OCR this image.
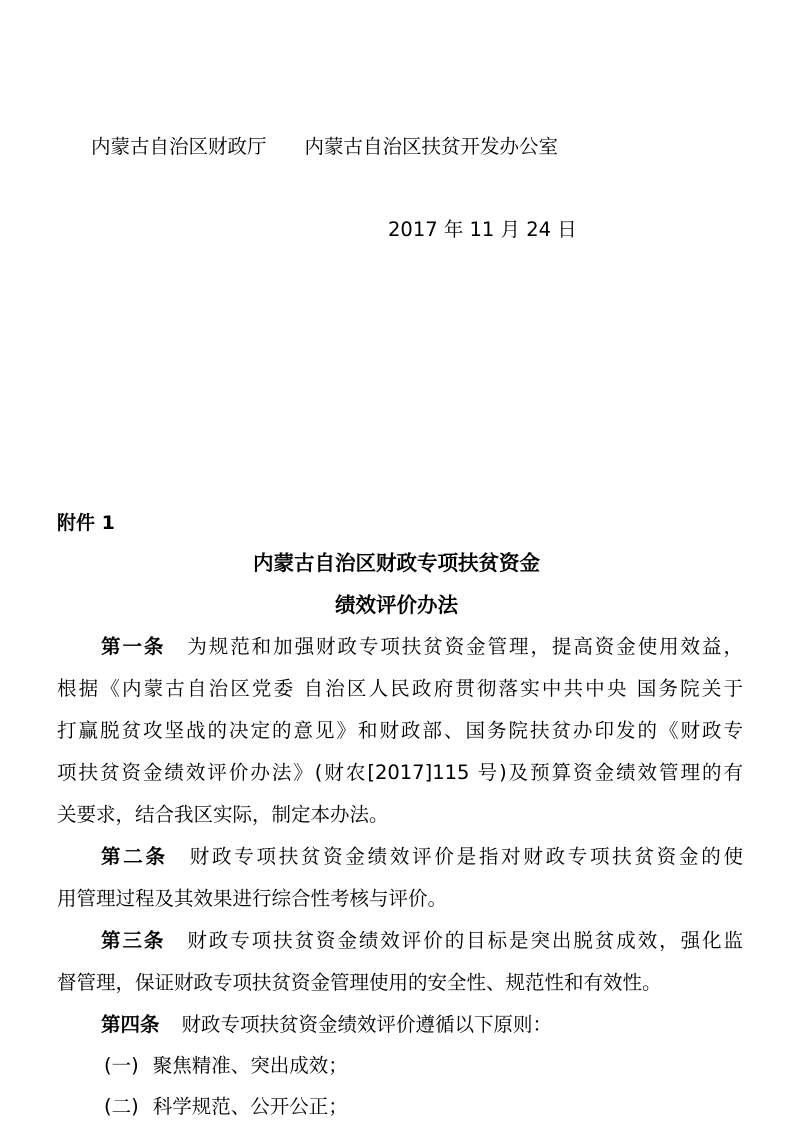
内蒙古自治区财政厅 内蒙古自治区扶贫开发办公室
2017 年 11 月 24 日
附件 1
内蒙古自治区财政专项扶贫资金
绩效评价办法
第一条 为规范和加强财政专项扶贫资金管理，提高资金使用效益，
根据《内蒙古自治区党委 自治区人民政府贯彻落实中共中央 国务院关于
打赢脱贫攻坚战的决定的意见》和财政部、国务院扶贫办印发的《财政专
项扶贫资金绩效评价办法》(财农[2017]115 号)及预算资金绩效管理的有
关要求，结合我区实际，制定本办法。
第二条 财政专项扶贫资金绩效评价是指对财政专项扶贫资金的使
用管理过程及其效果进行综合性考核与评价。
第三条 财政专项扶贫资金绩效评价的目标是突出脱贫成效，强化监
督管理，保证财政专项扶贫资金管理使用的安全性、规范性和有效性。
第四条 财政专项扶贫资金绩效评价遵循以下原则：
(一) 聚焦精准、突出成效；
(二) 科学规范、公开公正；
